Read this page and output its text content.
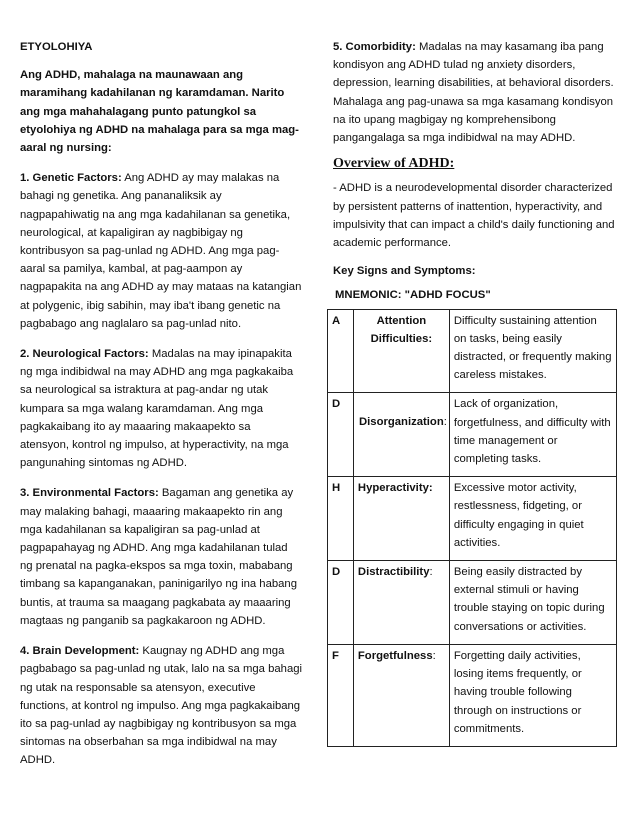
ETYOLOHIYA
Ang ADHD, mahalaga na maunawaan ang maramihang kadahilanan ng karamdaman. Narito ang mga mahahalagang punto patungkol sa etyolohiya ng ADHD na mahalaga para sa mga mag-aaral ng nursing:
1. Genetic Factors: Ang ADHD ay may malakas na bahagi ng genetika. Ang pananaliksik ay nagpapahiwatig na ang mga kadahilanan sa genetika, neurological, at kapaligiran ay nagbibigay ng kontribusyon sa pag-unlad ng ADHD. Ang mga pag-aaral sa pamilya, kambal, at pag-aampon ay nagpapakita na ang ADHD ay may mataas na katangian at polygenic, ibig sabihin, may iba't ibang genetic na pagbabago ang naglalaro sa pag-unlad nito.
2. Neurological Factors: Madalas na may ipinapakita ng mga indibidwal na may ADHD ang mga pagkakaiba sa neurological sa istraktura at pag-andar ng utak kumpara sa mga walang karamdaman. Ang mga pagkakaibang ito ay maaaring makaapekto sa atensyon, kontrol ng impulso, at hyperactivity, na mga pangunahing sintomas ng ADHD.
3. Environmental Factors: Bagaman ang genetika ay may malaking bahagi, maaaring makaapekto rin ang mga kadahilanan sa kapaligiran sa pag-unlad at pagpapahayag ng ADHD. Ang mga kadahilanan tulad ng prenatal na pagka-ekspos sa mga toxin, mababang timbang sa kapanganakan, paninigarilyo ng ina habang buntis, at trauma sa maagang pagkabata ay maaaring magtaas ng panganib sa pagkakaroon ng ADHD.
4. Brain Development: Kaugnay ng ADHD ang mga pagbabago sa pag-unlad ng utak, lalo na sa mga bahagi ng utak na responsable sa atensyon, executive functions, at kontrol ng impulso. Ang mga pagkakaibang ito sa pag-unlad ay nagbibigay ng kontribusyon sa mga sintomas na obserbahan sa mga indibidwal na may ADHD.
5. Comorbidity: Madalas na may kasamang iba pang kondisyon ang ADHD tulad ng anxiety disorders, depression, learning disabilities, at behavioral disorders. Mahalaga ang pag-unawa sa mga kasamang kondisyon na ito upang magbigay ng komprehensibong pangangalaga sa mga indibidwal na may ADHD.
Overview of ADHD:
- ADHD is a neurodevelopmental disorder characterized by persistent patterns of inattention, hyperactivity, and impulsivity that can impact a child's daily functioning and academic performance.
Key Signs and Symptoms:
MNEMONIC: "ADHD FOCUS"
A	Attention Difficulties:	Difficulty sustaining attention on tasks, being easily distracted, or frequently making careless mistakes.
D	Disorganization:	Lack of organization, forgetfulness, and difficulty with time management or completing tasks.
H	Hyperactivity:	Excessive motor activity, restlessness, fidgeting, or difficulty engaging in quiet activities.
D	Distractibility:	Being easily distracted by external stimuli or having trouble staying on topic during conversations or activities.
F	Forgetfulness:	Forgetting daily activities, losing items frequently, or having trouble following through on instructions or commitments.
